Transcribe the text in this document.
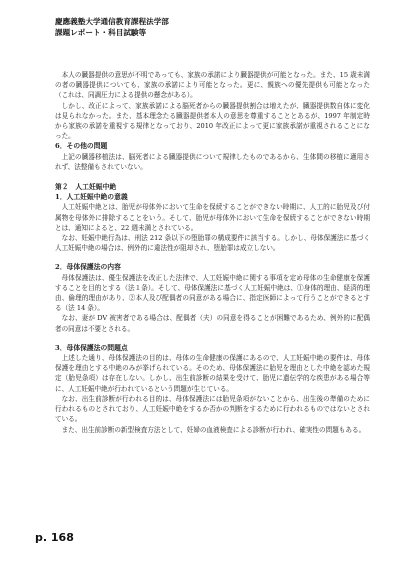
慶應義塾大学通信教育課程法学部
課題レポート・科目試験等

本人の臓器提供の意思が不明であっても、家族の承諾により臓器提供が可能となった。また、15 歳未満の者の臓器提供についても、家族の承諾により可能となった。更に、親族への優先提供も可能となった（これは、同調圧力による提供の懸念がある）。

しかし、改正によって、家族承諾による脳死者からの臓器提供割合は増えたが、臓器提供数自体に変化は見られなかった。また、基本理念たる臓器提供者本人の意思を尊重することとあるが、1997 年制定時から家族の承諾を重視する規律となっており、2010 年改正によって更に家族承諾が重視されることになった。

6．その他の問題

上記の臓器移植法は、脳死者による臓器提供について規律したものであるから、生体間の移植に適用されず、法整備もされていない。

第２　人工妊娠中絶

1．人工妊娠中絶の意義

人工妊娠中絶とは、胎児が母体外において生命を保続することができない時期に、人工的に胎児及び付属物を母体外に排除することをいう。そして、胎児が母体外において生命を保続することができない時期とは、通知によると、22 週未満とされている。

なお、妊娠中絶行為は、刑法 212 条以下の堕胎罪の構成要件に該当する。しかし、母体保護法に基づく人工妊娠中絶の場合は、例外的に違法性が阻却され、堕胎罪は成立しない。

2．母体保護法の内容

母体保護法は、優生保護法を改正した法律で、人工妊娠中絶に関する事項を定め母体の生命健康を保護することを目的とする（法１条）。そして、母体保護法に基づく人工妊娠中絶は、①身体的理由、経済的理由、倫理的理由があり、②本人及び配偶者の同意がある場合に、指定医師によって行うことができるとする（法 14 条）。

なお、妻が DV 被害者である場合は、配偶者（夫）の同意を得ることが困難であるため、例外的に配偶者の同意は不要とされる。

3．母体保護法の問題点

上述した通り、母体保護法の目的は、母体の生命健康の保護にあるので、人工妊娠中絶の要件は、母体保護を理由とする中絶のみが挙げられている。そのため、母体保護法に胎児を理由とした中絶を認めた規定（胎児条項）は存在しない。しかし、出生前診断の結果を受けて、胎児に遺伝学的な疾患がある場合等に、人工妊娠中絶が行われているという問題が生じている。

なお、出生前診断が行われる目的は、母体保護法には胎児条項がないことから、出生後の準備のために行われるものとされており、人工妊娠中絶をするか否かの判断をするために行われるものではないとされている。

また、出生前診断の新型検査方法として、妊婦の血液検査による診断が行われ、確実性の問題もある。

p. 168
